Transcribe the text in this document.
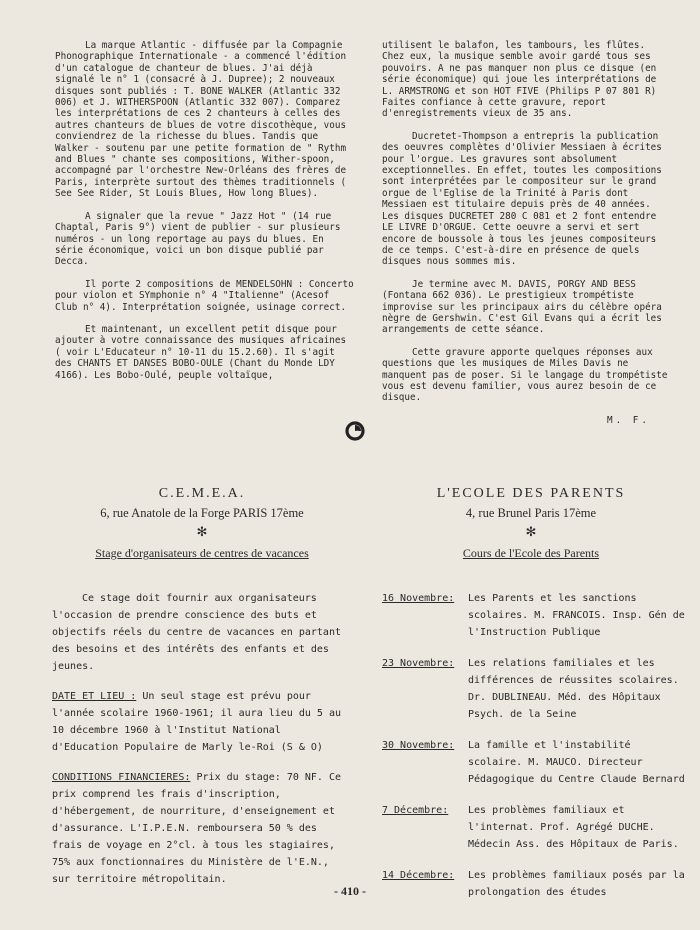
La marque Atlantic - diffusée par la Compagnie Phonographique Internationale - a commencé l'édition d'un catalogue de chanteur de blues. J'ai déjà signalé le n° 1 (consacré à J. Dupree); 2 nouveaux disques sont publiés : T. BONE WALKER (Atlantic 332 006) et J. WITHERSPOON (Atlantic 332 007). Comparez les interprétations de ces 2 chanteurs à celles des autres chanteurs de blues de votre discothèque, vous conviendrez de la richesse du blues. Tandis que Walker - soutenu par une petite formation de " Rythm and Blues " chante ses compositions, Wither-spoon, accompagné par l'orchestre New-Orléans des frères de Paris, interprète surtout des thèmes traditionnels ( See See Rider, St Louis Blues, How long Blues).

A signaler que la revue " Jazz Hot " (14 rue Chaptal, Paris 9°) vient de publier - sur plusieurs numéros - un long reportage au pays du blues. En série économique, voici un bon disque publié par Decca.

Il porte 2 compositions de MENDELSOHN : Concerto pour violon et SYmphonie n° 4 "Italienne" (Acesof Club n° 4). Interprétation soignée, usinage correct.

Et maintenant, un excellent petit disque pour ajouter à votre connaissance des musiques africaines ( voir L'Educateur n° 10-11 du 15.2.60). Il s'agit des CHANTS ET DANSES BOBO-OULE (Chant du Monde LDY 4166). Les Bobo-Oulé, peuple voltaïque,

utilisent le balafon, les tambours, les flûtes. Chez eux, la musique semble avoir gardé tous ses pouvoirs. A ne pas manquer non plus ce disque (en série économique) qui joue les interprétations de L. ARMSTRONG et son HOT FIVE (Philips P 07 801 R) Faites confiance à cette gravure, report d'enregistrements vieux de 35 ans.

Ducretet-Thompson a entrepris la publication des oeuvres complètes d'Olivier Messiaen à écrites pour l'orgue. Les gravures sont absolument exceptionnelles. En effet, toutes les compositions sont interprétées par le compositeur sur le grand orgue de l'Eglise de la Trinité à Paris dont Messiaen est titulaire depuis près de 40 années. Les disques DUCRETET 280 C 081 et 2 font entendre LE LIVRE D'ORGUE. Cette oeuvre a servi et sert encore de boussole à tous les jeunes compositeurs de ce temps. C'est-à-dire en présence de quels disques nous sommes mis.

Je termine avec M. DAVIS, PORGY AND BESS (Fontana 662 036). Le prestigieux trompétiste improvise sur les principaux airs du célèbre opéra nègre de Gershwin. C'est Gil Evans qui a écrit les arrangements de cette séance.

Cette gravure apporte quelques réponses aux questions que les musiques de Miles Davis ne manquent pas de poser. Si le langage du trompétiste vous est devenu familier, vous aurez besoin de ce disque.

M. F.

C.E.M.E.A.
6, rue Anatole de la Forge PARIS 17ème
✻
Stage d'organisateurs de centres de vacances
L'ECOLE DES PARENTS
4, rue Brunel Paris 17ème
✻
Cours de l'Ecole des Parents

Ce stage doit fournir aux organisateurs l'occasion de prendre conscience des buts et objectifs réels du centre de vacances en partant des besoins et des intérêts des enfants et des jeunes.

DATE ET LIEU : Un seul stage est prévu pour l'année scolaire 1960-1961; il aura lieu du 5 au 10 décembre 1960 à l'Institut National d'Education Populaire de Marly le-Roi (S & O)

CONDITIONS FINANCIERES: Prix du stage: 70 NF. Ce prix comprend les frais d'inscription, d'hébergement, de nourriture, d'enseignement et d'assurance. L'I.P.E.N. remboursera 50 % des frais de voyage en 2°cl. à tous les stagiaires, 75% aux fonctionnaires du Ministère de l'E.N., sur territoire métropolitain.

16 Novembre:	Les Parents et les sanctions scolaires. M. FRANCOIS. Insp. Gén de l'Instruction Publique
23 Novembre:	Les relations familiales et les différences de réussites scolaires. Dr. DUBLINEAU. Méd. des Hôpitaux Psych. de la Seine
30 Novembre:	La famille et l'instabilité scolaire. M. MAUCO. Directeur Pédagogique du Centre Claude Bernard
7 Décembre:	Les problèmes familiaux et l'internat. Prof. Agrégé DUCHE. Médecin Ass. des Hôpitaux de Paris.
14 Décembre:	Les problèmes familiaux posés par la prolongation des études
- 410 -
